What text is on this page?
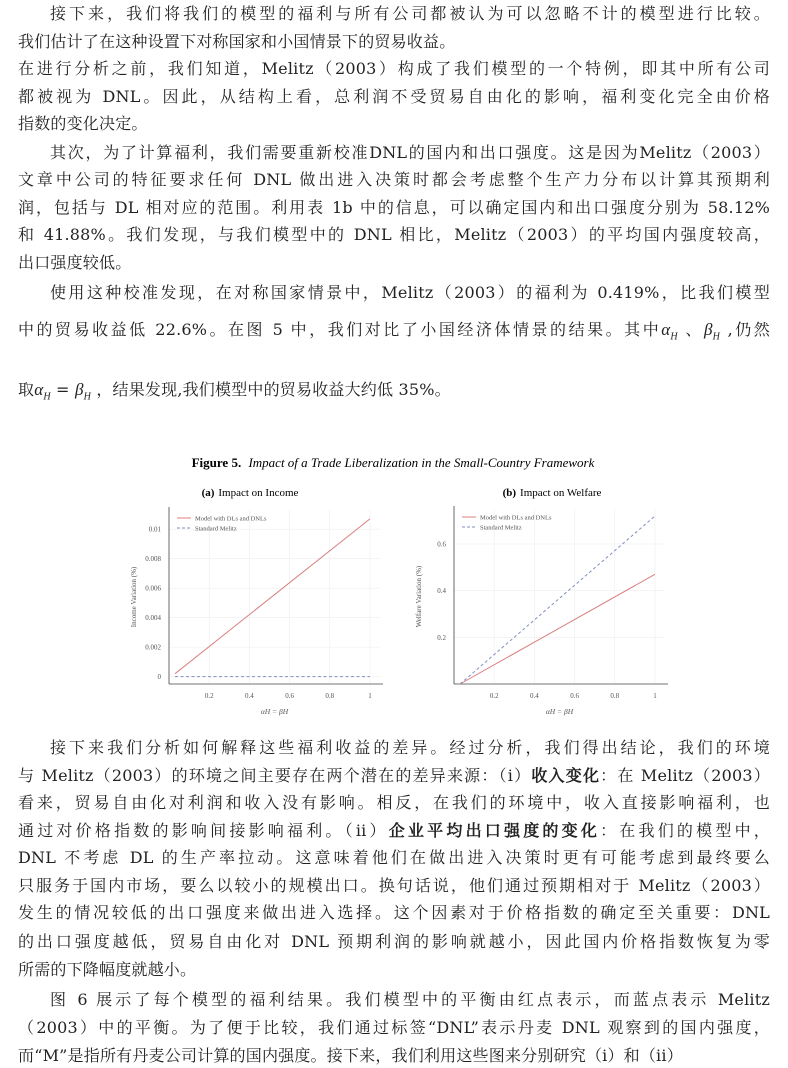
接下来，我们将我们的模型的福利与所有公司都被认为可以忽略不计的模型进行比较。
我们估计了在这种设置下对称国家和小国情景下的贸易收益。
在进行分析之前，我们知道，Melitz（2003）构成了我们模型的一个特例，即其中所有公司
都被视为 DNL。因此，从结构上看，总利润不受贸易自由化的影响，福利变化完全由价格
指数的变化决定。
其次，为了计算福利，我们需要重新校准DNL的国内和出口强度。这是因为Melitz（2003）
文章中公司的特征要求任何 DNL 做出进入决策时都会考虑整个生产力分布以计算其预期利
润，包括与 DL 相对应的范围。利用表 1b 中的信息，可以确定国内和出口强度分别为 58.12%
和 41.88%。我们发现，与我们模型中的 DNL 相比，Melitz（2003）的平均国内强度较高，
出口强度较低。
使用这种校准发现，在对称国家情景中，Melitz（2003）的福利为 0.419%，比我们模型
中的贸易收益低 22.6%。在图 5 中，我们对比了小国经济体情景的结果。其中$\alpha_H$ 、$\beta_H$ ,仍然
取$\alpha_H = \beta_H$ ，结果发现,我们模型中的贸易收益大约低 35%。
接下来我们分析如何解释这些福利收益的差异。经过分析，我们得出结论，我们的环境
与 Melitz（2003）的环境之间主要存在两个潜在的差异来源：（i）收入变化：在 Melitz（2003）
看来，贸易自由化对利润和收入没有影响。相反，在我们的环境中，收入直接影响福利，也
通过对价格指数的影响间接影响福利。（ii）企业平均出口强度的变化：在我们的模型中，
DNL 不考虑 DL 的生产率拉动。这意味着他们在做出进入决策时更有可能考虑到最终要么
只服务于国内市场，要么以较小的规模出口。换句话说，他们通过预期相对于 Melitz（2003）
发生的情况较低的出口强度来做出进入选择。这个因素对于价格指数的确定至关重要：DNL
的出口强度越低，贸易自由化对 DNL 预期利润的影响就越小，因此国内价格指数恢复为零
所需的下降幅度就越小。
图 6 展示了每个模型的福利结果。我们模型中的平衡由红点表示，而蓝点表示 Melitz
（2003）中的平衡。为了便于比较，我们通过标签“DNL”表示丹麦 DNL 观察到的国内强度，
而“M”是指所有丹麦公司计算的国内强度。接下来，我们利用这些图来分别研究（i）和（ii）
Figure 5. Impact of a Trade Liberalization in the Small-Country Framework
(a) Impact on Income
0.2	0.4	0.6	0.8	1
0
0.002
0.004
0.006
0.008
0.01
Model with DLs and DNLs
Standard Melitz
αH = βH
Income Variation (%)
(b) Impact on Welfare
0.2	0.4	0.6	0.8	1
0.2
0.4
0.6
Model with DLs and DNLs
Standard Melitz
αH = βH
Welfare Variation (%)
